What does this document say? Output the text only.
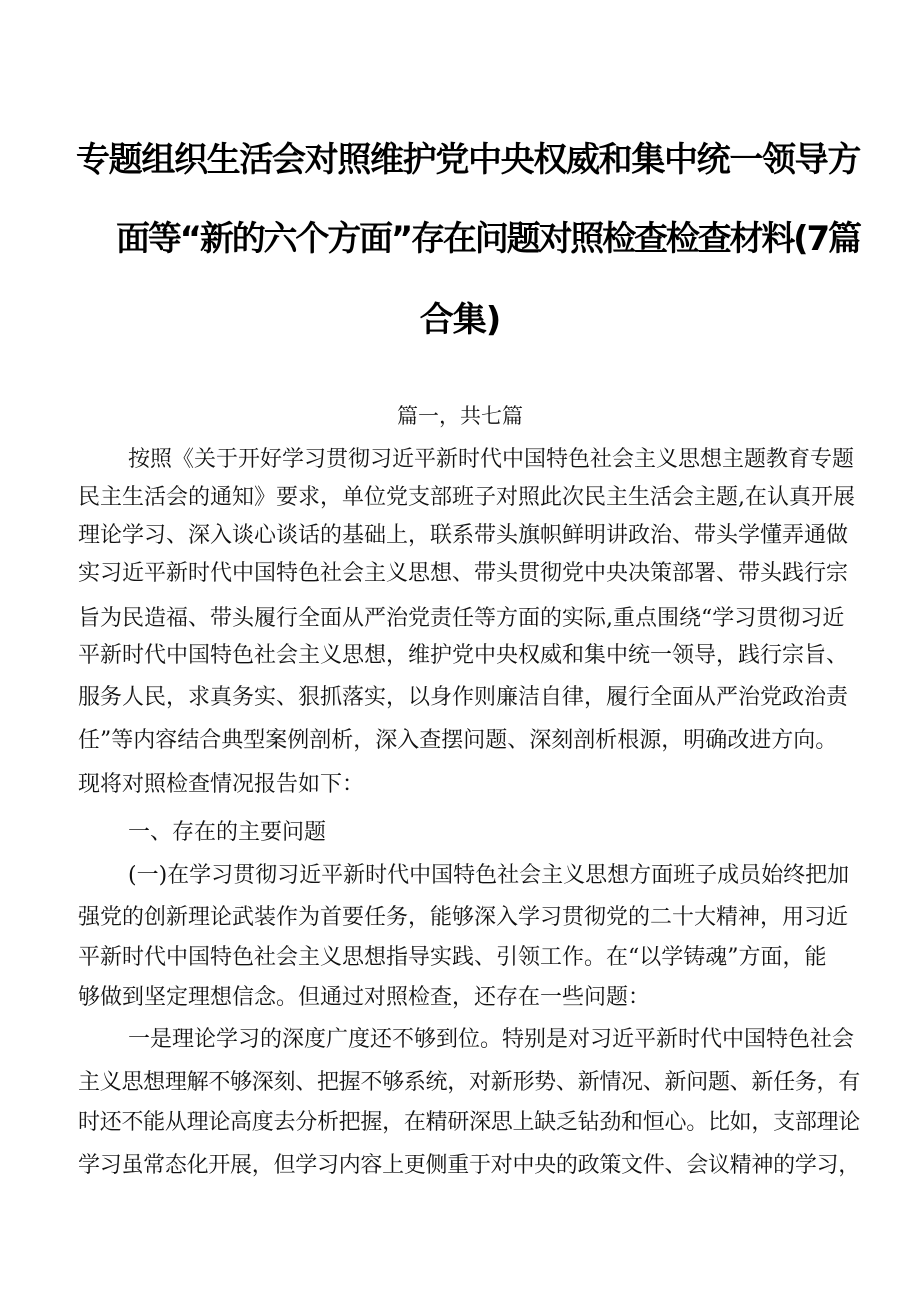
专题组织生活会对照维护党中央权威和集中统一领导方
面等“新的六个方面”存在问题对照检查检查材料(7篇
合集)
篇一，共七篇
按照《关于开好学习贯彻习近平新时代中国特色社会主义思想主题教育专题
民主生活会的通知》要求，单位党支部班子对照此次民主生活会主题,在认真开展
理论学习、深入谈心谈话的基础上，联系带头旗帜鲜明讲政治、带头学懂弄通做
实习近平新时代中国特色社会主义思想、带头贯彻党中央决策部署、带头践行宗
旨为民造福、带头履行全面从严治党责任等方面的实际,重点围绕“学习贯彻习近
平新时代中国特色社会主义思想，维护党中央权威和集中统一领导，践行宗旨、
服务人民，求真务实、狠抓落实，以身作则廉洁自律，履行全面从严治党政治责
任”等内容结合典型案例剖析，深入查摆问题、深刻剖析根源，明确改进方向。
现将对照检查情况报告如下：
一、存在的主要问题
(一)在学习贯彻习近平新时代中国特色社会主义思想方面班子成员始终把加
强党的创新理论武装作为首要任务，能够深入学习贯彻党的二十大精神，用习近
平新时代中国特色社会主义思想指导实践、引领工作。在“以学铸魂”方面，能
够做到坚定理想信念。但通过对照检查，还存在一些问题：
一是理论学习的深度广度还不够到位。特别是对习近平新时代中国特色社会
主义思想理解不够深刻、把握不够系统，对新形势、新情况、新问题、新任务，有
时还不能从理论高度去分析把握，在精研深思上缺乏钻劲和恒心。比如，支部理论
学习虽常态化开展，但学习内容上更侧重于对中央的政策文件、会议精神的学习，
